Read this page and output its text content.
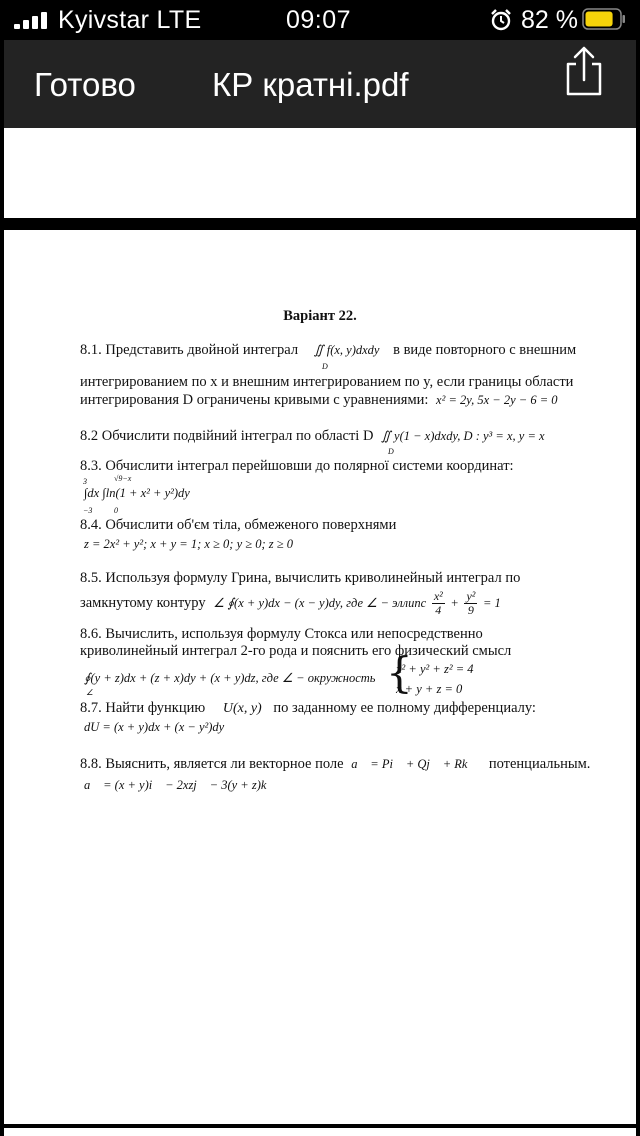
Kyivstar LTE	09:07	82 %
Готово КР кратні.pdf
Варіант 22.
8.1. Представить двойной интеграл ∬ f(x, y)dxdy в виде повторного с внешним
D
интегрированием по x и внешним интегрированием по y, если границы области
интегрирования D ограничены кривыми с уравнениями: x² = 2y, 5x − 2y − 6 = 0
8.2 Обчислити подвійний інтеграл по області D ∬ y(1 − x)dxdy, D : y³ = x, y = x
D
8.3. Обчислити інтеграл перейшовши до полярної системи координат:
3	√9−x
∫dx ∫ln(1 + x² + y²)dy
−3	0
8.4. Обчислити об'єм тіла, обмеженого поверхнями
z = 2x² + y²; x + y = 1; x ≥ 0; y ≥ 0; z ≥ 0
8.5. Используя формулу Грина, вычислить криволинейный интеграл по
замкнутому контуру ∠ ∮(x + y)dx − (x − y)dy, где ∠ − эллипс $\frac{\text{x²}}{4} + \frac{\text{y²}}{9} = 1$
8.6. Вычислить, используя формулу Стокса или непосредственно
криволинейный интеграл 2-го рода и пояснить его физический смысл
∮(y + z)dx + (z + x)dy + (x + y)dz, где ∠ − окружность
∠	{
x² + y² + z² = 4
x + y + z = 0
8.7. Найти функцию U(x, y) по заданному ее полному дифференциалу:
dU = (x + y)dx + (x − y²)dy
8.8. Выяснить, является ли векторное поле a⃗ = Pi⃗ + Qj⃗ + Rk⃗ потенциальным.
a⃗ = (x + y)i⃗ − 2xzj⃗ − 3(y + z)k⃗
